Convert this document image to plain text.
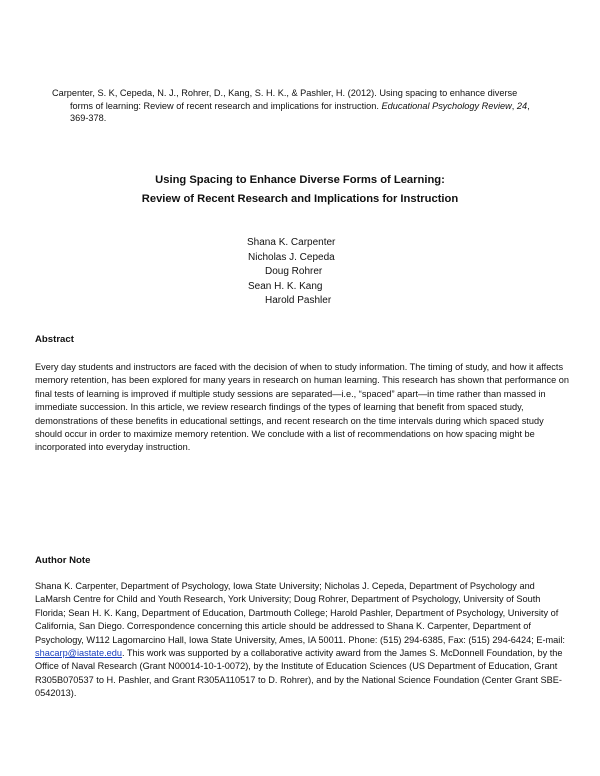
Carpenter, S. K, Cepeda, N. J., Rohrer, D., Kang, S. H. K., & Pashler, H. (2012). Using spacing to enhance diverse
forms of learning: Review of recent research and implications for instruction. Educational Psychology Review, 24,
369-378.
Using Spacing to Enhance Diverse Forms of Learning:
Review of Recent Research and Implications for Instruction
Shana K. Carpenter
Nicholas J. Cepeda
Doug Rohrer
Sean H. K. Kang
Harold Pashler
Abstract
Every day students and instructors are faced with the decision of when to study information. The timing of study, and how it affects memory retention, has been explored for many years in research on human learning. This research has shown that performance on final tests of learning is improved if multiple study sessions are separated—i.e., “spaced” apart—in time rather than massed in immediate succession. In this article, we review research findings of the types of learning that benefit from spaced study, demonstrations of these benefits in educational settings, and recent research on the time intervals during which spaced study should occur in order to maximize memory retention. We conclude with a list of recommendations on how spacing might be incorporated into everyday instruction.
Author Note
Shana K. Carpenter, Department of Psychology, Iowa State University; Nicholas J. Cepeda, Department of Psychology and LaMarsh Centre for Child and Youth Research, York University; Doug Rohrer, Department of Psychology, University of South Florida; Sean H. K. Kang, Department of Education, Dartmouth College; Harold Pashler, Department of Psychology, University of California, San Diego. Correspondence concerning this article should be addressed to Shana K. Carpenter, Department of Psychology, W112 Lagomarcino Hall, Iowa State University, Ames, IA 50011. Phone: (515) 294-6385, Fax: (515) 294-6424; E-mail: shacarp@iastate.edu. This work was supported by a collaborative activity award from the James S. McDonnell Foundation, by the Office of Naval Research (Grant N00014-10-1-0072), by the Institute of Education Sciences (US Department of Education, Grant R305B070537 to H. Pashler, and Grant R305A110517 to D. Rohrer), and by the National Science Foundation (Center Grant SBE-0542013).
